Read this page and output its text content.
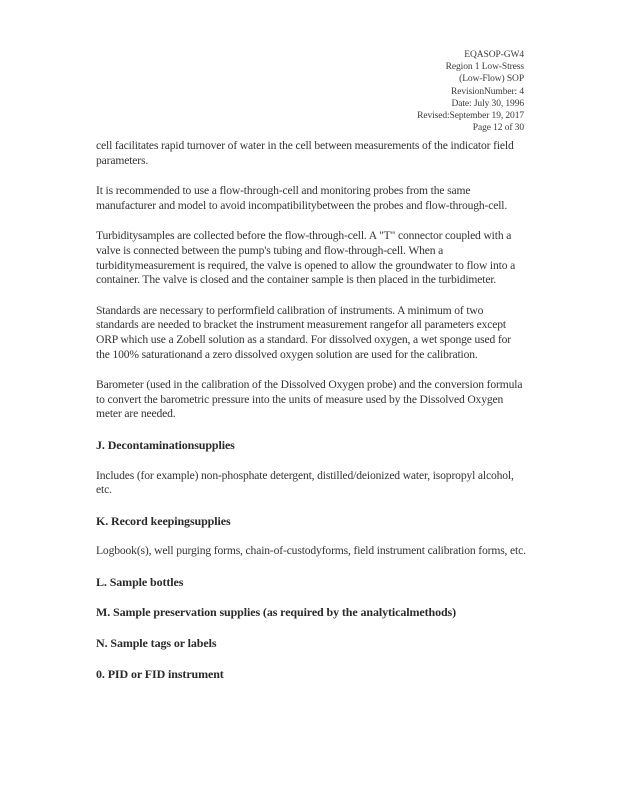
EQASOP-GW4
Region 1 Low-Stress
(Low-Flow) SOP
RevisionNumber: 4
Date: July 30, 1996
Revised:September 19, 2017
Page 12 of 30

cell facilitates rapid turnover of water in the cell between measurements of the indicator field parameters.

It is recommended to use a flow-through-cell and monitoring probes from the same manufacturer and model to avoid incompatibilitybetween the probes and flow-through-cell.

Turbiditysamples are collected before the flow-through-cell. A "T" connector coupled with a valve is connected between the pump's tubing and flow-through-cell. When a turbiditymeasurement is required, the valve is opened to allow the groundwater to flow into a container. The valve is closed and the container sample is then placed in the turbidimeter.

Standards are necessary to performfield calibration of instruments. A minimum of two standards are needed to bracket the instrument measurement rangefor all parameters except ORP which use a Zobell solution as a standard. For dissolved oxygen, a wet sponge used for the 100% saturationand a zero dissolved oxygen solution are used for the calibration.

Barometer (used in the calibration of the Dissolved Oxygen probe) and the conversion formula to convert the barometric pressure into the units of measure used by the Dissolved Oxygen meter are needed.

J. Decontaminationsupplies

Includes (for example) non-phosphate detergent, distilled/deionized water, isopropyl alcohol, etc.

K. Record keepingsupplies

Logbook(s), well purging forms, chain-of-custodyforms, field instrument calibration forms, etc.

L. Sample bottles
M. Sample preservation supplies (as required by the analyticalmethods)
N. Sample tags or labels
0. PID or FID instrument
